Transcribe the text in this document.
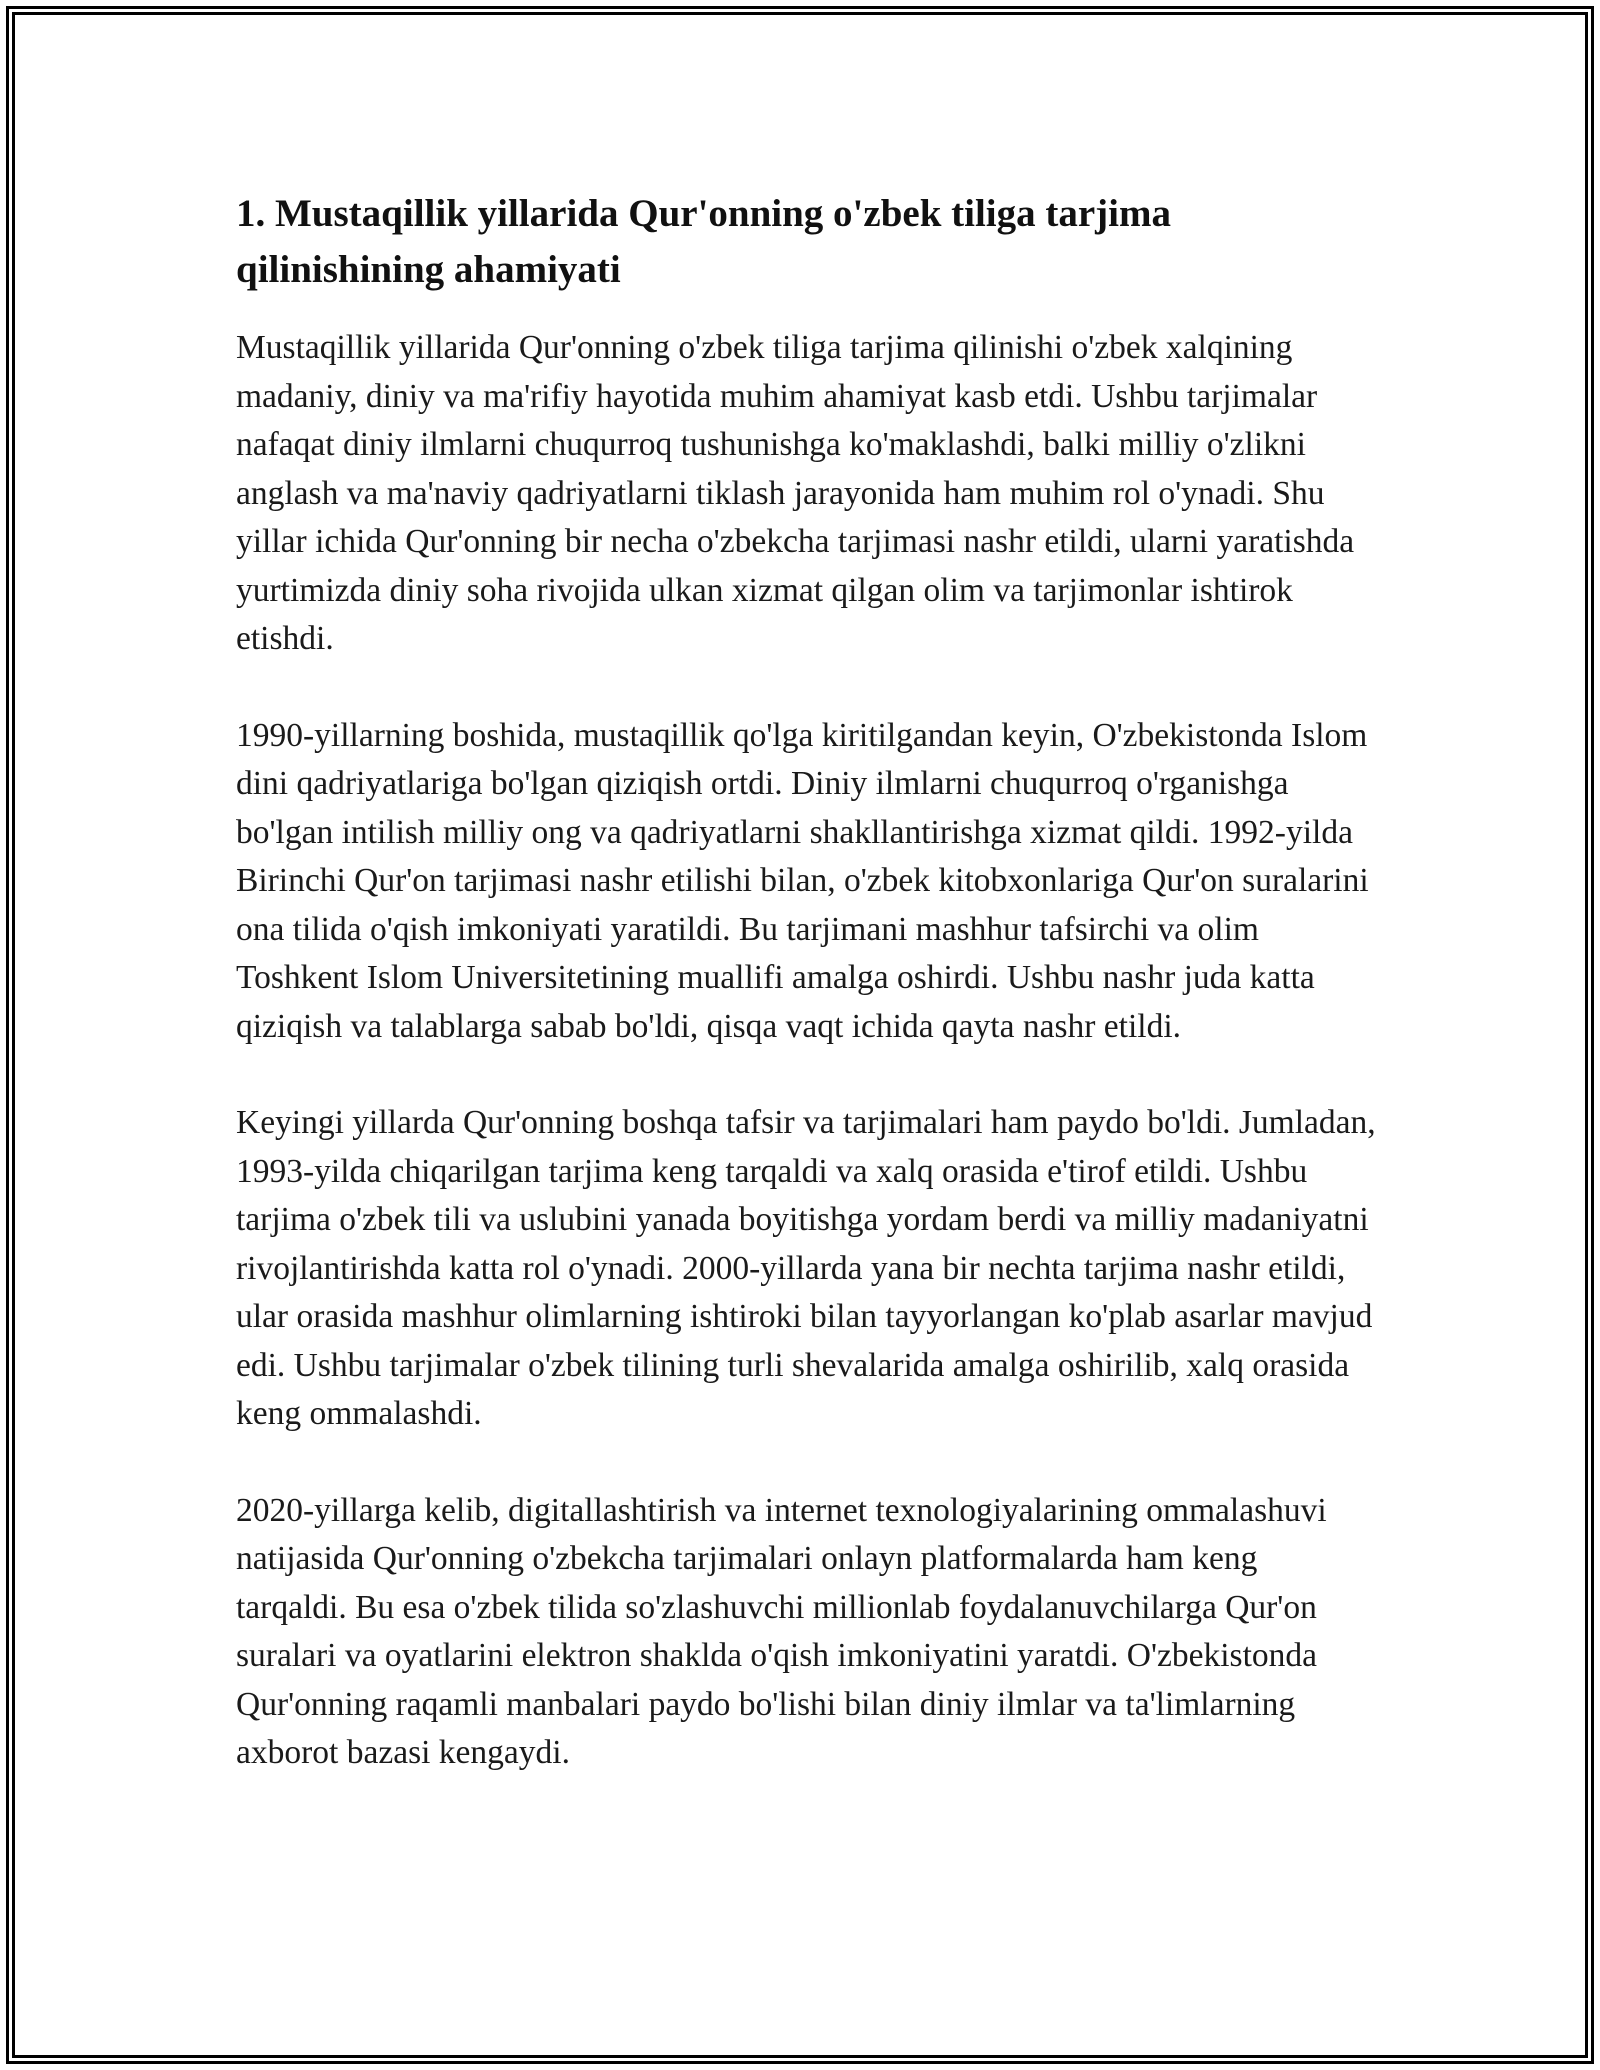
1. Mustaqillik yillarida Qur'onning o'zbek tiliga tarjima qilinishining ahamiyati

Mustaqillik yillarida Qur'onning o'zbek tiliga tarjima qilinishi o'zbek xalqining madaniy, diniy va ma'rifiy hayotida muhim ahamiyat kasb etdi. Ushbu tarjimalar nafaqat diniy ilmlarni chuqurroq tushunishga ko'maklashdi, balki milliy o'zlikni anglash va ma'naviy qadriyatlarni tiklash jarayonida ham muhim rol o'ynadi. Shu yillar ichida Qur'onning bir necha o'zbekcha tarjimasi nashr etildi, ularni yaratishda yurtimizda diniy soha rivojida ulkan xizmat qilgan olim va tarjimonlar ishtirok etishdi.

1990-yillarning boshida, mustaqillik qo'lga kiritilgandan keyin, O'zbekistonda Islom dini qadriyatlariga bo'lgan qiziqish ortdi. Diniy ilmlarni chuqurroq o'rganishga bo'lgan intilish milliy ong va qadriyatlarni shakllantirishga xizmat qildi. 1992-yilda Birinchi Qur'on tarjimasi nashr etilishi bilan, o'zbek kitobxonlariga Qur'on suralarini ona tilida o'qish imkoniyati yaratildi. Bu tarjimani mashhur tafsirchi va olim Toshkent Islom Universitetining muallifi amalga oshirdi. Ushbu nashr juda katta qiziqish va talablarga sabab bo'ldi, qisqa vaqt ichida qayta nashr etildi.

Keyingi yillarda Qur'onning boshqa tafsir va tarjimalari ham paydo bo'ldi. Jumladan, 1993-yilda chiqarilgan tarjima keng tarqaldi va xalq orasida e'tirof etildi. Ushbu tarjima o'zbek tili va uslubini yanada boyitishga yordam berdi va milliy madaniyatni rivojlantirishda katta rol o'ynadi. 2000-yillarda yana bir nechta tarjima nashr etildi, ular orasida mashhur olimlarning ishtiroki bilan tayyorlangan ko'plab asarlar mavjud edi. Ushbu tarjimalar o'zbek tilining turli shevalarida amalga oshirilib, xalq orasida keng ommalashdi.

2020-yillarga kelib, digitallashtirish va internet texnologiyalarining ommalashuvi natijasida Qur'onning o'zbekcha tarjimalari onlayn platformalarda ham keng tarqaldi. Bu esa o'zbek tilida so'zlashuvchi millionlab foydalanuvchilarga Qur'on suralari va oyatlarini elektron shaklda o'qish imkoniyatini yaratdi. O'zbekistonda Qur'onning raqamli manbalari paydo bo'lishi bilan diniy ilmlar va ta'limlarning axborot bazasi kengaydi.
